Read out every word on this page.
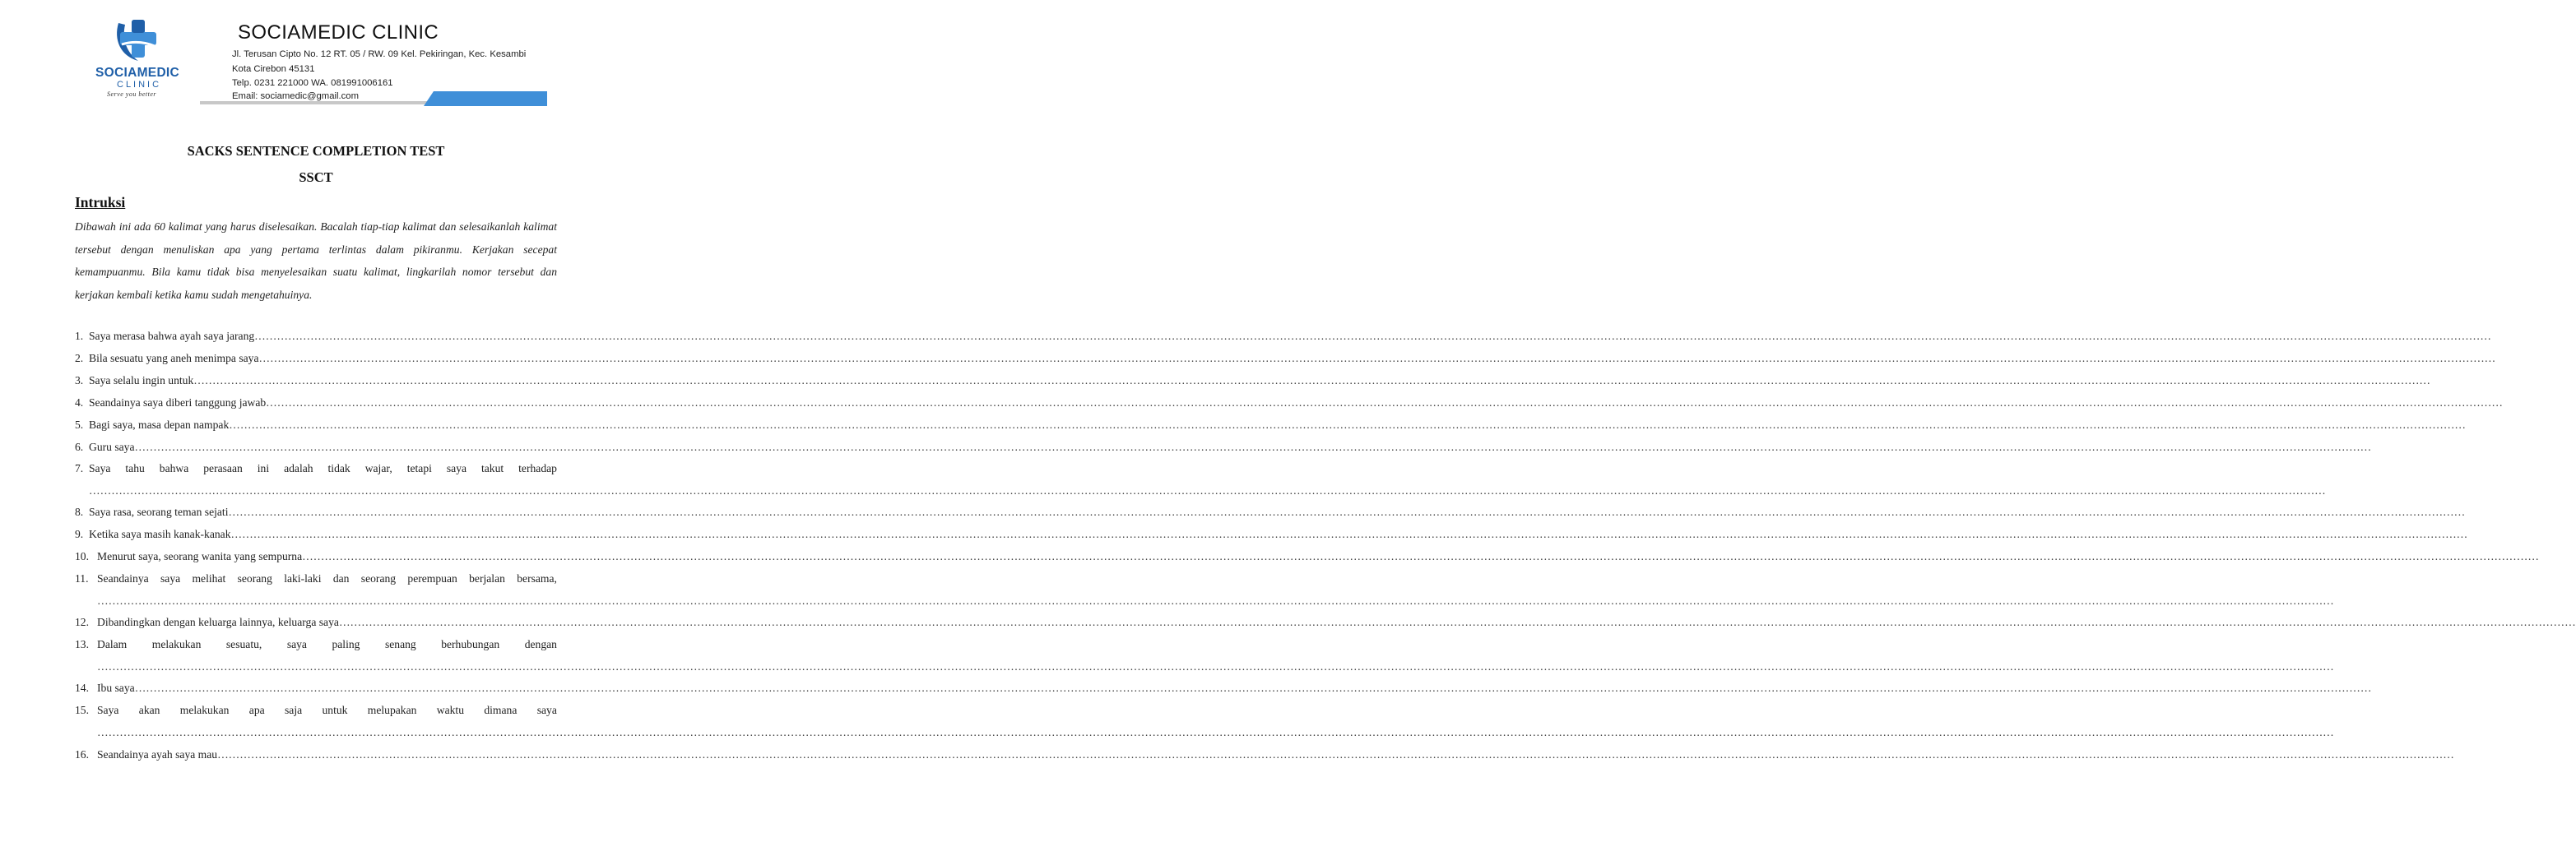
SOCIAMEDIC
CLINIC
Serve you better
SOCIAMEDIC CLINIC
Jl. Terusan Cipto No. 12 RT. 05 / RW. 09 Kel. Pekiringan, Kec. Kesambi
Kota Cirebon 45131
Telp. 0231 221000 WA. 081991006161
Email: sociamedic@gmail.com
SACKS SENTENCE COMPLETION TEST
SSCT
Intruksi
Dibawah ini ada 60 kalimat yang harus diselesaikan. Bacalah tiap-tiap kalimat dan selesaikanlah kalimat tersebut dengan menuliskan apa yang pertama terlintas dalam pikiranmu. Kerjakan secepat kemampuanmu. Bila kamu tidak bisa menyelesaikan suatu kalimat, lingkarilah nomor tersebut dan kerjakan kembali ketika kamu sudah mengetahuinya.
1. Saya merasa bahwa ayah saya jarang……………………………………………………………………………………………………………………………………………………………………………………………………………………………………………………………………………………………………………………………………………………………………………………………………………………………………………………………………………………………………………………………………………………
2. Bila sesuatu yang aneh menimpa saya……………………………………………………………………………………………………………………………………………………………………………………………………………………………………………………………………………………………………………………………………………………………………………………………………………………………………………………………………………………………………………………………………………………
3. Saya selalu ingin untuk……………………………………………………………………………………………………………………………………………………………………………………………………………………………………………………………………………………………………………………………………………………………………………………………………………………………………………………………………………………………………………………………………………………
4. Seandainya saya diberi tanggung jawab……………………………………………………………………………………………………………………………………………………………………………………………………………………………………………………………………………………………………………………………………………………………………………………………………………………………………………………………………………………………………………………………………………………
5. Bagi saya, masa depan nampak……………………………………………………………………………………………………………………………………………………………………………………………………………………………………………………………………………………………………………………………………………………………………………………………………………………………………………………………………………………………………………………………………………………
6. Guru saya……………………………………………………………………………………………………………………………………………………………………………………………………………………………………………………………………………………………………………………………………………………………………………………………………………………………………………………………………………………………………………………………………………………
7. Saya tahu bahwa perasaan ini adalah tidak wajar, tetapi saya takut terhadap
……………………………………………………………………………………………………………………………………………………………………………………………………………………………………………………………………………………………………………………………………………………………………………………………………………………………………………………………………………………………………………………………………………………
8. Saya rasa, seorang teman sejati……………………………………………………………………………………………………………………………………………………………………………………………………………………………………………………………………………………………………………………………………………………………………………………………………………………………………………………………………………………………………………………………………………………
9. Ketika saya masih kanak-kanak……………………………………………………………………………………………………………………………………………………………………………………………………………………………………………………………………………………………………………………………………………………………………………………………………………………………………………………………………………………………………………………………………………………
10. Menurut saya, seorang wanita yang sempurna……………………………………………………………………………………………………………………………………………………………………………………………………………………………………………………………………………………………………………………………………………………………………………………………………………………………………………………………………………………………………………………………………………………
11. Seandainya saya melihat seorang laki-laki dan seorang perempuan berjalan bersama,
……………………………………………………………………………………………………………………………………………………………………………………………………………………………………………………………………………………………………………………………………………………………………………………………………………………………………………………………………………………………………………………………………………………
12. Dibandingkan dengan keluarga lainnya, keluarga saya……………………………………………………………………………………………………………………………………………………………………………………………………………………………………………………………………………………………………………………………………………………………………………………………………………………………………………………………………………………………………………………………………………………
13. Dalam melakukan sesuatu, saya paling senang berhubungan dengan
……………………………………………………………………………………………………………………………………………………………………………………………………………………………………………………………………………………………………………………………………………………………………………………………………………………………………………………………………………………………………………………………………………………
14. Ibu saya……………………………………………………………………………………………………………………………………………………………………………………………………………………………………………………………………………………………………………………………………………………………………………………………………………………………………………………………………………………………………………………………………………………
15. Saya akan melakukan apa saja untuk melupakan waktu dimana saya
……………………………………………………………………………………………………………………………………………………………………………………………………………………………………………………………………………………………………………………………………………………………………………………………………………………………………………………………………………………………………………………………………………………
16. Seandainya ayah saya mau……………………………………………………………………………………………………………………………………………………………………………………………………………………………………………………………………………………………………………………………………………………………………………………………………………………………………………………………………………………………………………………………………………………
